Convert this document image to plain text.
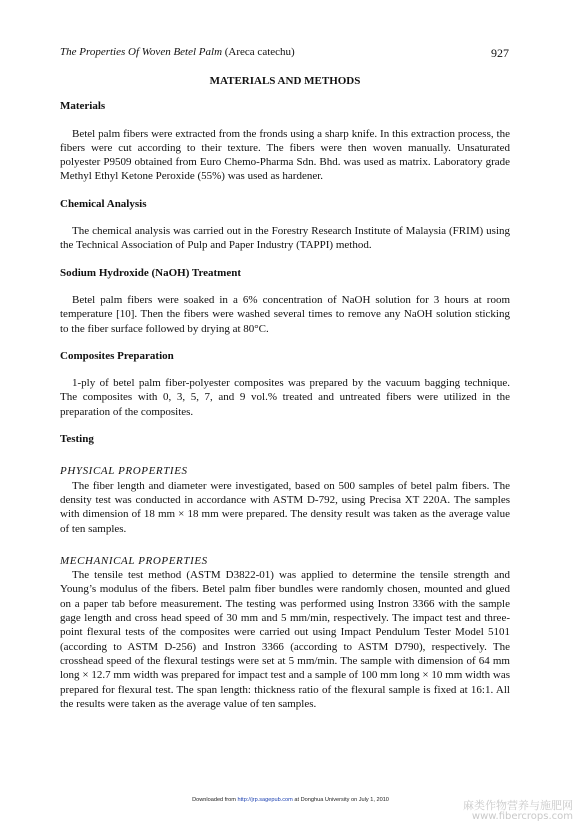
The Properties Of Woven Betel Palm (Areca catechu)	927
MATERIALS AND METHODS
Materials
Betel palm fibers were extracted from the fronds using a sharp knife. In this extraction process, the fibers were cut according to their texture. The fibers were then woven manually. Unsaturated polyester P9509 obtained from Euro Chemo-Pharma Sdn. Bhd. was used as matrix. Laboratory grade Methyl Ethyl Ketone Peroxide (55%) was used as hardener.
Chemical Analysis
The chemical analysis was carried out in the Forestry Research Institute of Malaysia (FRIM) using the Technical Association of Pulp and Paper Industry (TAPPI) method.
Sodium Hydroxide (NaOH) Treatment
Betel palm fibers were soaked in a 6% concentration of NaOH solution for 3 hours at room temperature [10]. Then the fibers were washed several times to remove any NaOH solution sticking to the fiber surface followed by drying at 80°C.
Composites Preparation
1-ply of betel palm fiber-polyester composites was prepared by the vacuum bagging technique. The composites with 0, 3, 5, 7, and 9 vol.% treated and untreated fibers were utilized in the preparation of the composites.
Testing
PHYSICAL PROPERTIES
The fiber length and diameter were investigated, based on 500 samples of betel palm fibers. The density test was conducted in accordance with ASTM D-792, using Precisa XT 220A. The samples with dimension of 18 mm × 18 mm were prepared. The density result was taken as the average value of ten samples.
MECHANICAL PROPERTIES
The tensile test method (ASTM D3822-01) was applied to determine the tensile strength and Young’s modulus of the fibers. Betel palm fiber bundles were randomly chosen, mounted and glued on a paper tab before measurement. The testing was performed using Instron 3366 with the sample gage length and cross head speed of 30 mm and 5 mm/min, respectively. The impact test and three-point flexural tests of the composites were carried out using Impact Pendulum Tester Model 5101 (according to ASTM D-256) and Instron 3366 (according to ASTM D790), respectively. The crosshead speed of the flexural testings were set at 5 mm/min. The sample with dimension of 64 mm long × 12.7 mm width was prepared for impact test and a sample of 100 mm long × 10 mm width was prepared for flexural test. The span length: thickness ratio of the flexural sample is fixed at 16:1. All the results were taken as the average value of ten samples.
Downloaded from http://jrp.sagepub.com at Donghua University on July 1, 2010	麻类作物营养与施肥网
www.fibercrops.com
